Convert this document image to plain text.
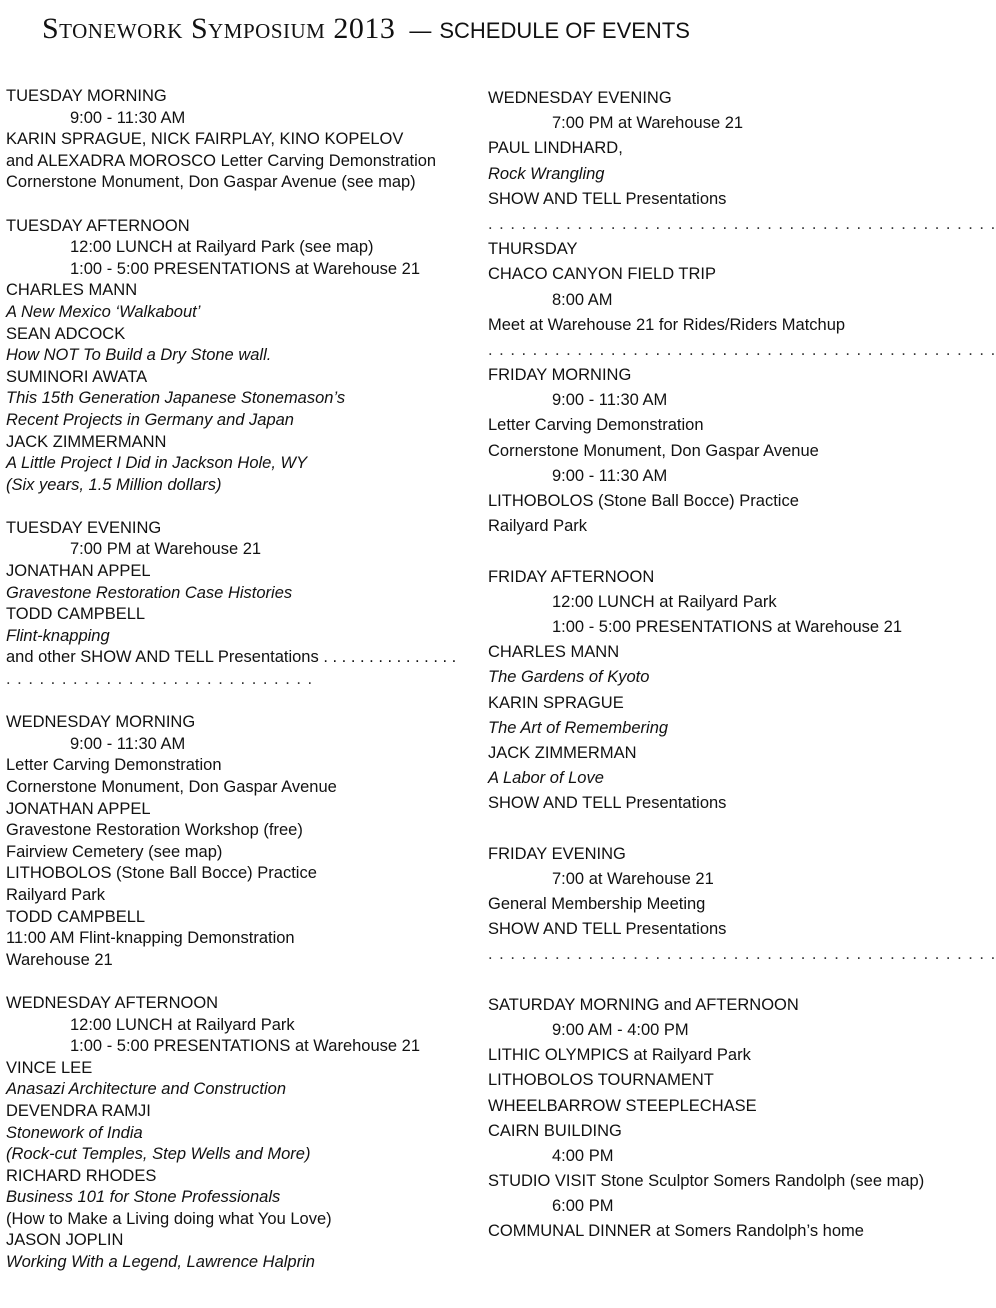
Stonework Symposium 2013 — SCHEDULE OF EVENTS
TUESDAY MORNING
9:00 - 11:30 AM
KARIN SPRAGUE, NICK FAIRPLAY, KINO KOPELOV
and ALEXADRA MOROSCO Letter Carving Demonstration
Cornerstone Monument, Don Gaspar Avenue (see map)
TUESDAY AFTERNOON
12:00 LUNCH at Railyard Park (see map)
1:00 - 5:00 PRESENTATIONS at Warehouse 21
CHARLES MANN
A New Mexico ‘Walkabout’
SEAN ADCOCK
How NOT To Build a Dry Stone wall.
SUMINORI AWATA
This 15th Generation Japanese Stonemason’s
Recent Projects in Germany and Japan
JACK ZIMMERMANN
A Little Project I Did in Jackson Hole, WY
(Six years, 1.5 Million dollars)
TUESDAY EVENING
7:00 PM at Warehouse 21
JONATHAN APPEL
Gravestone Restoration Case Histories
TODD CAMPBELL
Flint-knapping
and other SHOW AND TELL Presentations . . . . . . . . . . . . . . .
. . . . . . . . . . . . . . . . . . . . . . . . . . . .
WEDNESDAY MORNING
9:00 - 11:30 AM
Letter Carving Demonstration
Cornerstone Monument, Don Gaspar Avenue
JONATHAN APPEL
Gravestone Restoration Workshop (free)
Fairview Cemetery (see map)
LITHOBOLOS (Stone Ball Bocce) Practice
Railyard Park
TODD CAMPBELL
11:00 AM Flint-knapping Demonstration
Warehouse 21
WEDNESDAY AFTERNOON
12:00 LUNCH at Railyard Park
1:00 - 5:00 PRESENTATIONS at Warehouse 21
VINCE LEE
Anasazi Architecture and Construction
DEVENDRA RAMJI
Stonework of India
(Rock-cut Temples, Step Wells and More)
RICHARD RHODES
Business 101 for Stone Professionals
(How to Make a Living doing what You Love)
JASON JOPLIN
Working With a Legend, Lawrence Halprin
WEDNESDAY EVENING
7:00 PM at Warehouse 21
PAUL LINDHARD,
Rock Wrangling
SHOW AND TELL Presentations
. . . . . . . . . . . . . . . . . . . . . . . . . . . . . . . . . . . . . . . . . . . . . .
THURSDAY
CHACO CANYON FIELD TRIP
8:00 AM
Meet at Warehouse 21 for Rides/Riders Matchup
. . . . . . . . . . . . . . . . . . . . . . . . . . . . . . . . . . . . . . . . . . . . . .
FRIDAY MORNING
9:00 - 11:30 AM
Letter Carving Demonstration
Cornerstone Monument, Don Gaspar Avenue
9:00 - 11:30 AM
LITHOBOLOS (Stone Ball Bocce) Practice
Railyard Park
FRIDAY AFTERNOON
12:00 LUNCH at Railyard Park
1:00 - 5:00 PRESENTATIONS at Warehouse 21
CHARLES MANN
The Gardens of Kyoto
KARIN SPRAGUE
The Art of Remembering
JACK ZIMMERMAN
A Labor of Love
SHOW AND TELL Presentations
FRIDAY EVENING
7:00 at Warehouse 21
General Membership Meeting
SHOW AND TELL Presentations
. . . . . . . . . . . . . . . . . . . . . . . . . . . . . . . . . . . . . . . . . . . . . .
SATURDAY MORNING and AFTERNOON
9:00 AM - 4:00 PM
LITHIC OLYMPICS at Railyard Park
LITHOBOLOS TOURNAMENT
WHEELBARROW STEEPLECHASE
CAIRN BUILDING
4:00 PM
STUDIO VISIT Stone Sculptor Somers Randolph (see map)
6:00 PM
COMMUNAL DINNER at Somers Randolph’s home
